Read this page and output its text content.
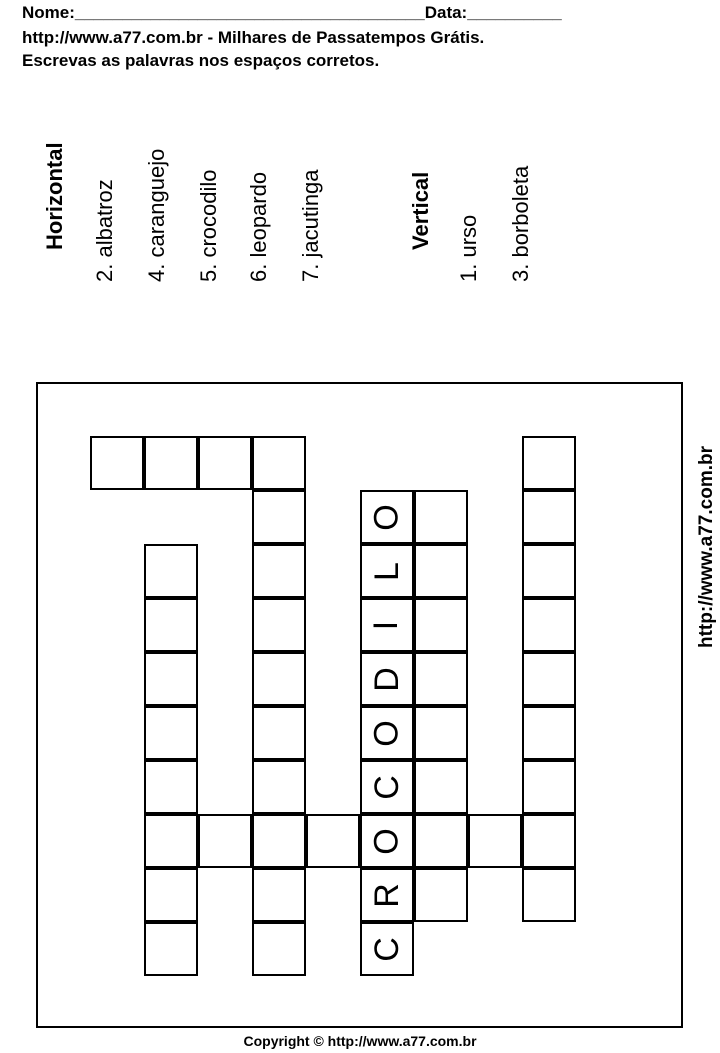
Nome:_____________________________________Data:__________
http://www.a77.com.br - Milhares de Passatempos Grátis.
Escrevas as palavras nos espaços corretos.
Horizontal 2. albatroz 4. caranguejo 5. crocodilo 6. leopardo 7. jacutinga	Vertical 1. urso 3. borboleta
O
L
I
D
O
C
O
R
C
http://www.a77.com.br
Copyright © http://www.a77.com.br
